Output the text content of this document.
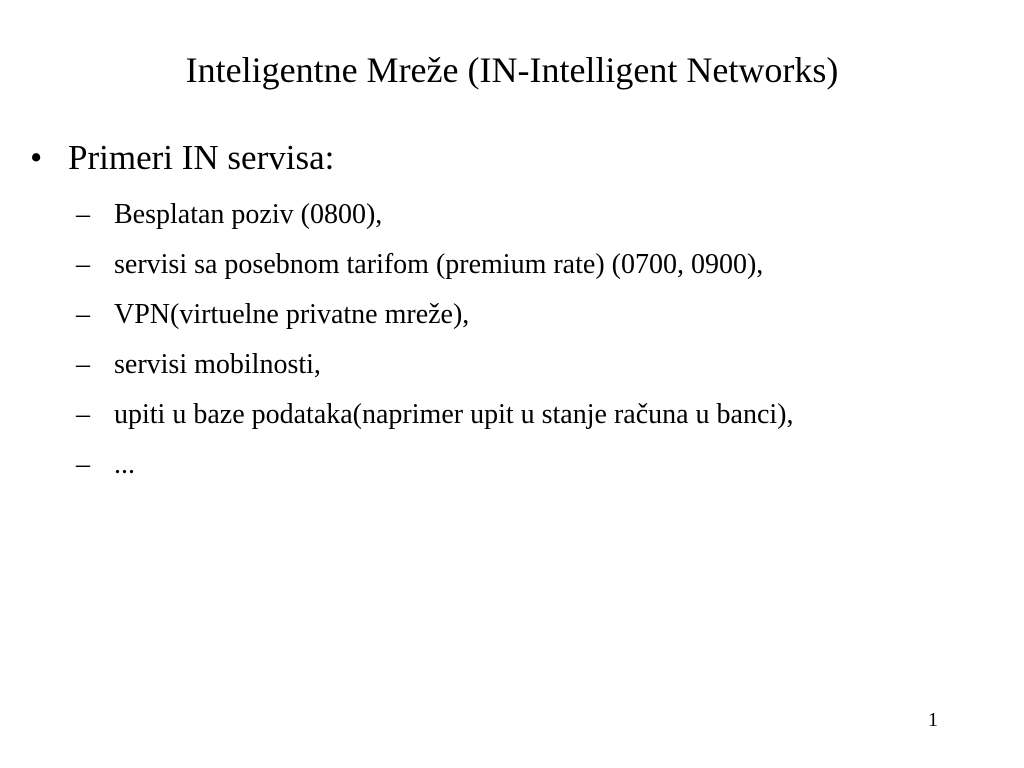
Inteligentne Mreže (IN-Intelligent Networks)
• Primeri IN servisa:
– Besplatan poziv (0800),
– servisi sa posebnom tarifom (premium rate) (0700, 0900),
– VPN(virtuelne privatne mreže),
– servisi mobilnosti,
– upiti u baze podataka(naprimer upit u stanje računa u banci),
– ...
1
